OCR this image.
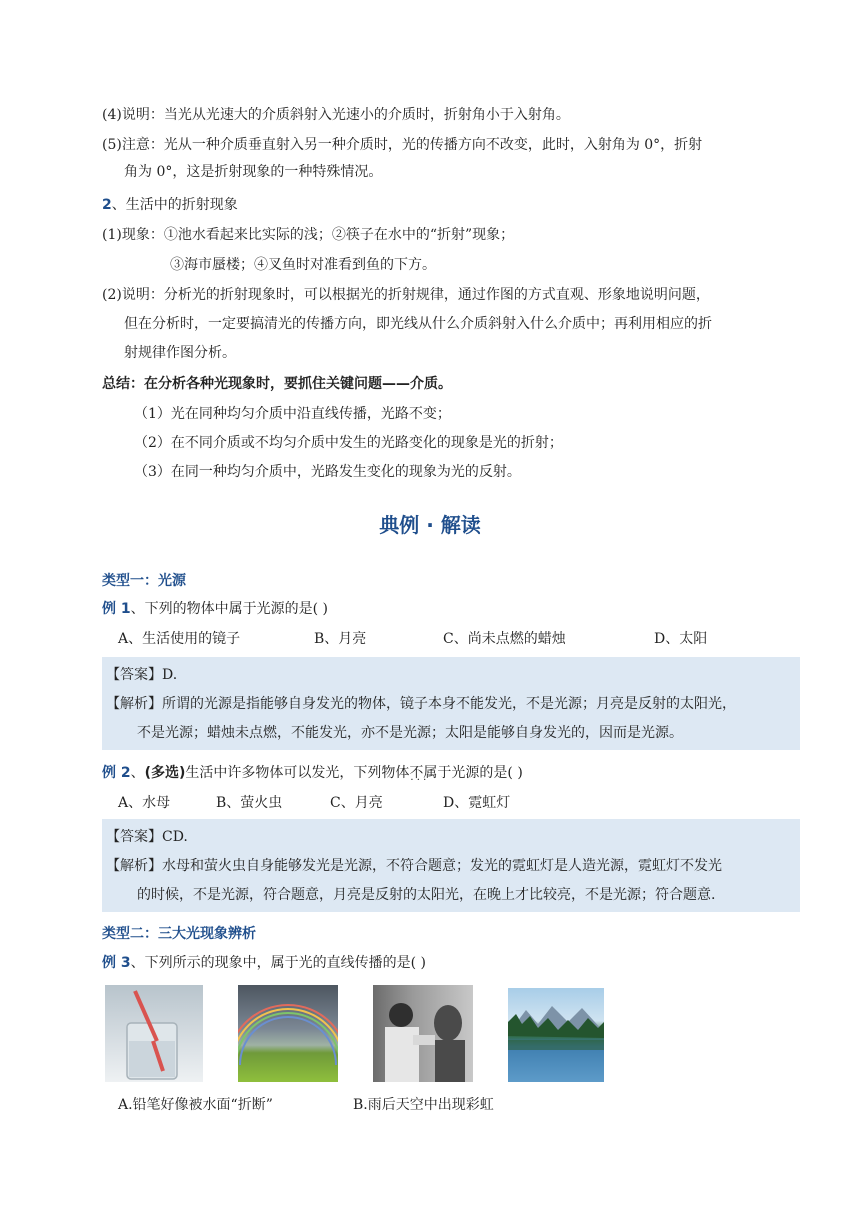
(4)说明：当光从光速大的介质斜射入光速小的介质时，折射角小于入射角。
(5)注意：光从一种介质垂直射入另一种介质时，光的传播方向不改变，此时，入射角为 0°，折射
角为 0°，这是折射现象的一种特殊情况。
2、生活中的折射现象
(1)现象：①池水看起来比实际的浅；②筷子在水中的“折射”现象；
③海市蜃楼；④叉鱼时对准看到鱼的下方。
(2)说明：分析光的折射现象时，可以根据光的折射规律，通过作图的方式直观、形象地说明问题，
但在分析时，一定要搞清光的传播方向，即光线从什么介质斜射入什么介质中；再利用相应的折
射规律作图分析。
总结：在分析各种光现象时，要抓住关键问题——介质。
（1）光在同种均匀介质中沿直线传播，光路不变；
（2）在不同介质或不均匀介质中发生的光路变化的现象是光的折射；
（3）在同一种均匀介质中，光路发生变化的现象为光的反射。
典例 · 解读
类型一：光源
例 1、下列的物体中属于光源的是( )
A、生活使用的镜子	B、月亮	C、尚未点燃的蜡烛	D、太阳
【答案】D.
【解析】所谓的光源是指能够自身发光的物体，镜子本身不能发光，不是光源；月亮是反射的太阳光，
不是光源；蜡烛未点燃，不能发光，亦不是光源；太阳是能够自身发光的，因而是光源。
例 2、(多选)生活中许多物体可以发光，下列物体不属于 · · ·光源的是( )
A、水母	B、萤火虫	C、月亮	D、霓虹灯
【答案】CD.
【解析】水母和萤火虫自身能够发光是光源，不符合题意；发光的霓虹灯是人造光源，霓虹灯不发光
的时候，不是光源，符合题意，月亮是反射的太阳光，在晚上才比较亮，不是光源；符合题意.
类型二：三大光现象辨析
例 3、下列所示的现象中，属于光的直线传播的是( )
A.铅笔好像被水面“折断”	B.雨后天空中出现彩虹
